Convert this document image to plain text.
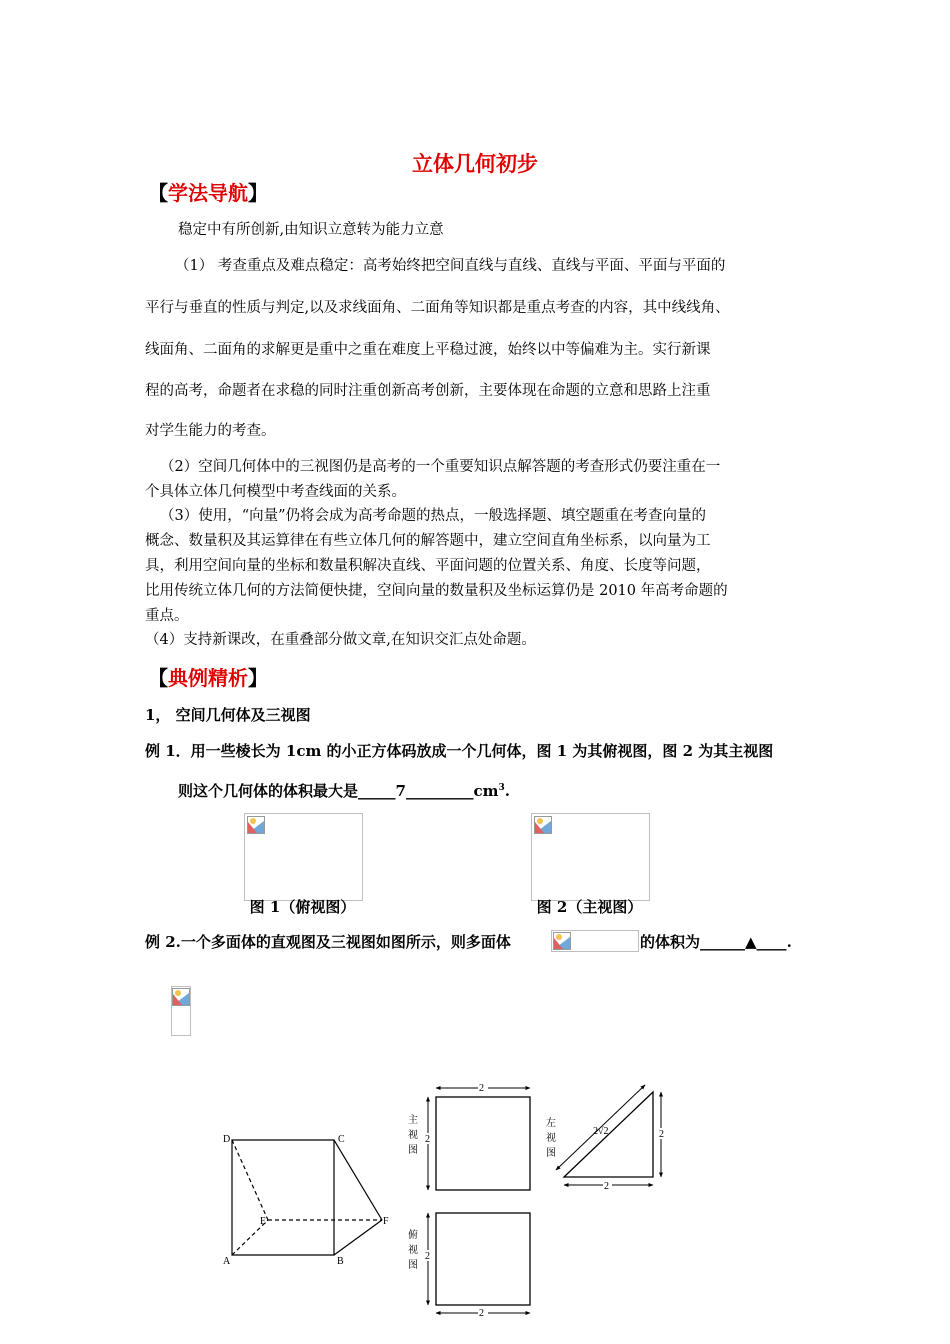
立体几何初步
【学法导航】
稳定中有所创新,由知识立意转为能力立意
（1） 考查重点及难点稳定：高考始终把空间直线与直线、直线与平面、平面与平面的
平行与垂直的性质与判定,以及求线面角、二面角等知识都是重点考查的内容，其中线线角、
线面角、二面角的求解更是重中之重在难度上平稳过渡，始终以中等偏难为主。实行新课
程的高考，命题者在求稳的同时注重创新高考创新，主要体现在命题的立意和思路上注重
对学生能力的考查。
（2）空间几何体中的三视图仍是高考的一个重要知识点解答题的考查形式仍要注重在一
个具体立体几何模型中考查线面的关系。
（3）使用，“向量”仍将会成为高考命题的热点，一般选择题、填空题重在考查向量的
概念、数量积及其运算律在有些立体几何的解答题中，建立空间直角坐标系，以向量为工
具，利用空间向量的坐标和数量积解决直线、平面问题的位置关系、角度、长度等问题，
比用传统立体几何的方法简便快捷，空间向量的数量积及坐标运算仍是 2010 年高考命题的
重点。
（4）支持新课改，在重叠部分做文章,在知识交汇点处命题。
【典例精析】
1， 空间几何体及三视图
例 1．用一些棱长为 1cm 的小正方体码放成一个几何体，图 1 为其俯视图，图 2 为其主视图
则这个几何体的体积最大是$\_\_\_\_\_7\_\_\_\_\_\_\_\_\_cm^3$.
图 1（俯视图）	图 2（主视图）
例 2.一个多面体的直观图及三视图如图所示，则多面体	的体积为______▲____.
D	C
E	F
A	B
2
2
主
视
图
2
2
2√2
左
视
图
2
2
俯
视
图
